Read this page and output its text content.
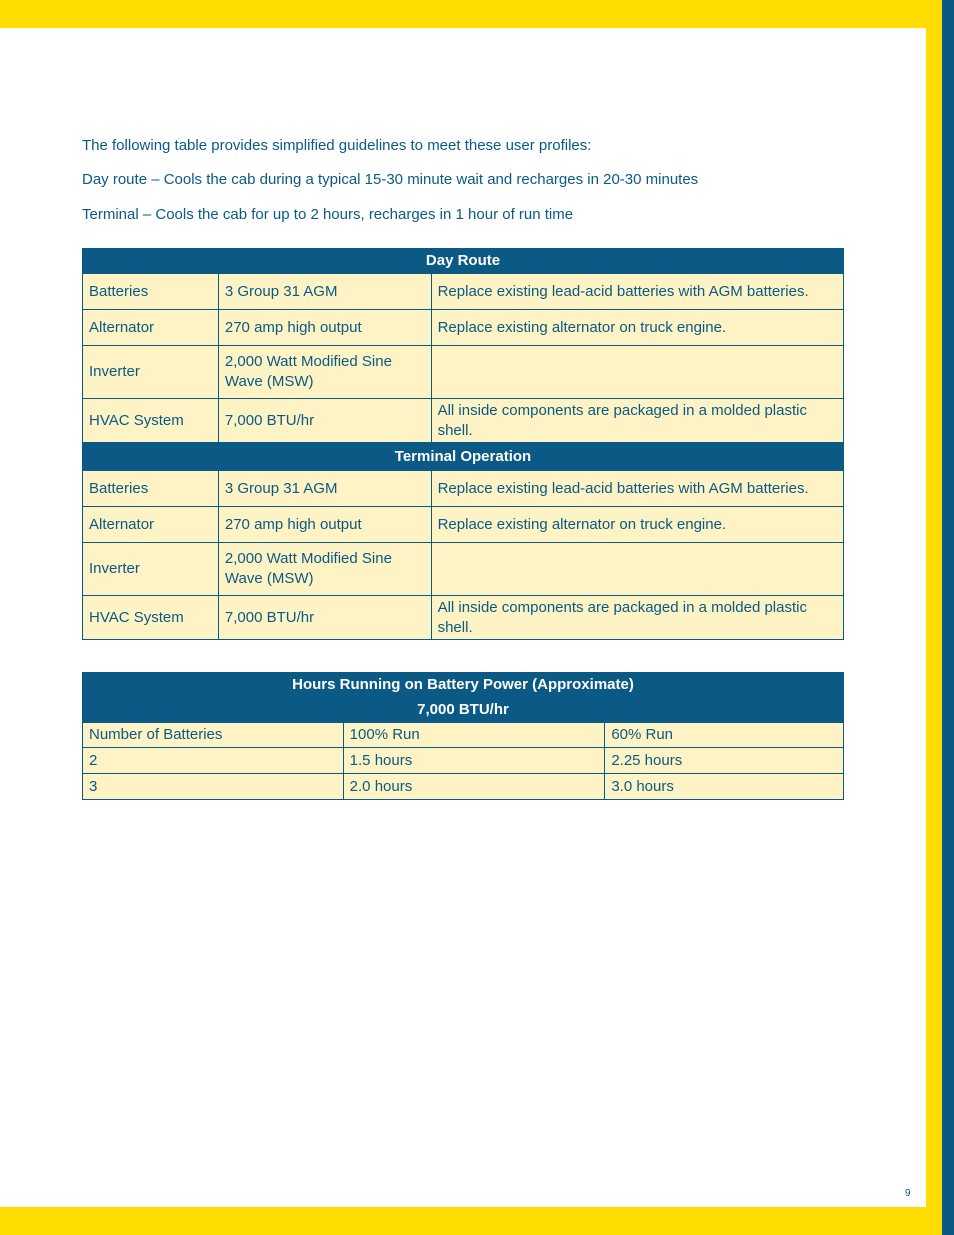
The following table provides simplified guidelines to meet these user profiles:

Day route – Cools the cab during a typical 15-30 minute wait and recharges in 20-30 minutes

Terminal – Cools the cab for up to 2 hours, recharges in 1 hour of run time

Day Route		
Batteries	3 Group 31 AGM	Replace existing lead-acid batteries with AGM batteries.
Alternator	270 amp high output	Replace existing alternator on truck engine.
Inverter	2,000 Watt Modified Sine Wave (MSW)	
HVAC System	7,000 BTU/hr	All inside components are packaged in a molded plastic shell.
Terminal Operation		
Batteries	3 Group 31 AGM	Replace existing lead-acid batteries with AGM batteries.
Alternator	270 amp high output	Replace existing alternator on truck engine.
Inverter	2,000 Watt Modified Sine Wave (MSW)	
HVAC System	7,000 BTU/hr	All inside components are packaged in a molded plastic shell.
Hours Running on Battery Power (Approximate)		
7,000 BTU/hr		
Number of Batteries	100% Run	60% Run
2	1.5 hours	2.25 hours
3	2.0 hours	3.0 hours
9
